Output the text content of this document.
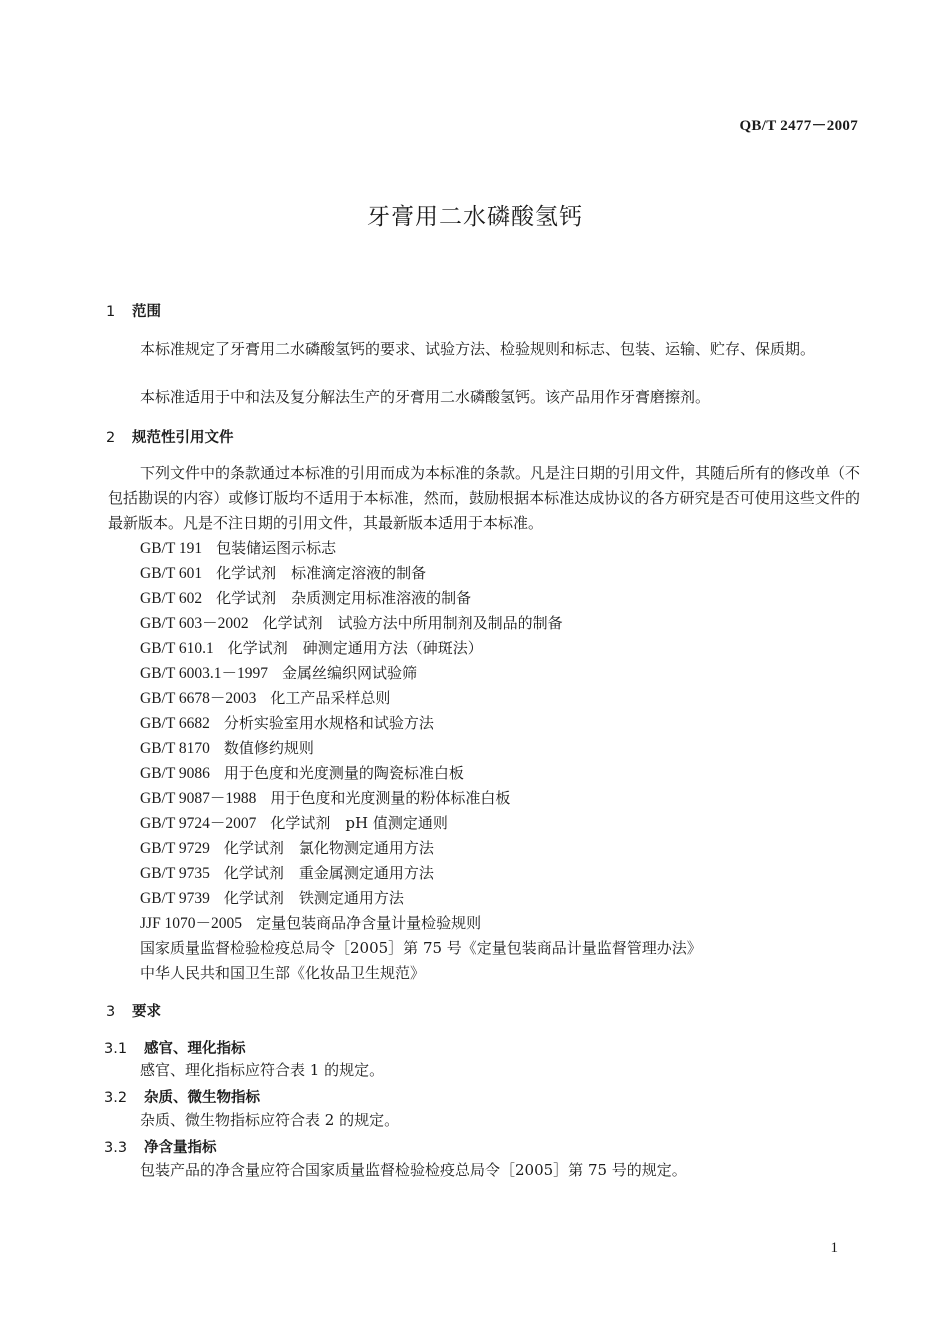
QB/T 2477－2007
牙膏用二水磷酸氢钙
1 范围

本标准规定了牙膏用二水磷酸氢钙的要求、试验方法、检验规则和标志、包装、运输、贮存、保质期。

本标准适用于中和法及复分解法生产的牙膏用二水磷酸氢钙。该产品用作牙膏磨擦剂。

2 规范性引用文件

下列文件中的条款通过本标准的引用而成为本标准的条款。凡是注日期的引用文件，其随后所有的修改单（不包括勘误的内容）或修订版均不适用于本标准，然而，鼓励根据本标准达成协议的各方研究是否可使用这些文件的最新版本。凡是不注日期的引用文件，其最新版本适用于本标准。

GB/T 191 包装储运图示标志
GB/T 601 化学试剂　标准滴定溶液的制备
GB/T 602 化学试剂　杂质测定用标准溶液的制备
GB/T 603－2002 化学试剂　试验方法中所用制剂及制品的制备
GB/T 610.1 化学试剂　砷测定通用方法（砷斑法）
GB/T 6003.1－1997 金属丝编织网试验筛
GB/T 6678－2003 化工产品采样总则
GB/T 6682 分析实验室用水规格和试验方法
GB/T 8170 数值修约规则
GB/T 9086 用于色度和光度测量的陶瓷标准白板
GB/T 9087－1988 用于色度和光度测量的粉体标准白板
GB/T 9724－2007 化学试剂　pH 值测定通则
GB/T 9729 化学试剂　氯化物测定通用方法
GB/T 9735 化学试剂　重金属测定通用方法
GB/T 9739 化学试剂　铁测定通用方法
JJF 1070－2005 定量包装商品净含量计量检验规则
国家质量监督检验检疫总局令［2005］第 75 号《定量包装商品计量监督管理办法》
中华人民共和国卫生部《化妆品卫生规范》
3 要求
3.1 感官、理化指标
感官、理化指标应符合表 1 的规定。
3.2 杂质、微生物指标
杂质、微生物指标应符合表 2 的规定。
3.3 净含量指标
包装产品的净含量应符合国家质量监督检验检疫总局令［2005］第 75 号的规定。
1
